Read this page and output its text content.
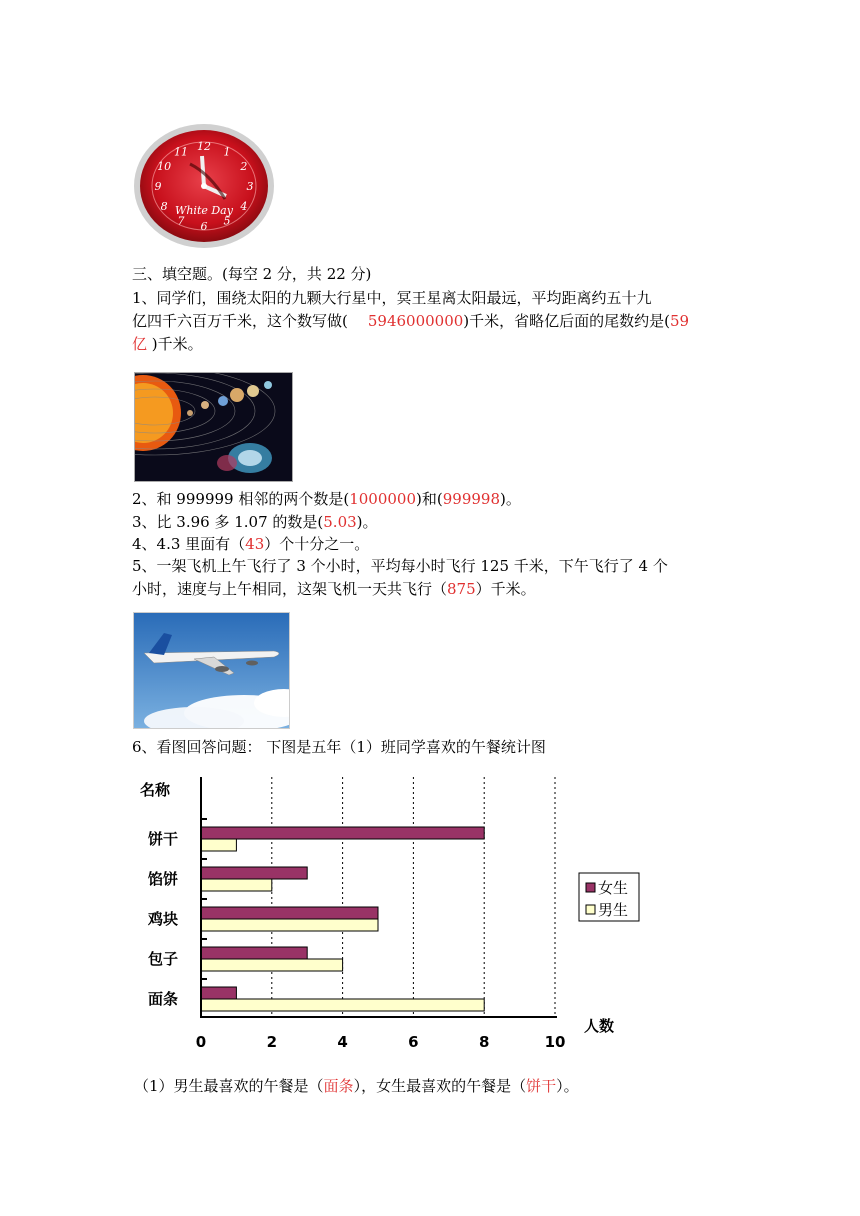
12 1
2
3
4
5
6
7
8
9
10
11
White Day
三、填空题。(每空 2 分，共 22 分)
1、同学们，围绕太阳的九颗大行星中，冥王星离太阳最远，平均距离约五十九
亿四千六百万千米，这个数写做( 5946000000)千米，省略亿后面的尾数约是(59
亿 )千米。
2、和 999999 相邻的两个数是(1000000)和(999998)。
3、比 3.96 多 1.07 的数是(5.03)。
4、4.3 里面有（43）个十分之一。
5、一架飞机上午飞行了 3 个小时，平均每小时飞行 125 千米，下午飞行了 4 个
小时，速度与上午相同，这架飞机一天共飞行（875）千米。
6、看图回答问题： 下图是五年（1）班同学喜欢的午餐统计图
名称
人数
0	2	4	6	8	10
饼干
馅饼
鸡块
包子
面条
女生
男生
（1）男生最喜欢的午餐是（面条），女生最喜欢的午餐是（饼干）。
